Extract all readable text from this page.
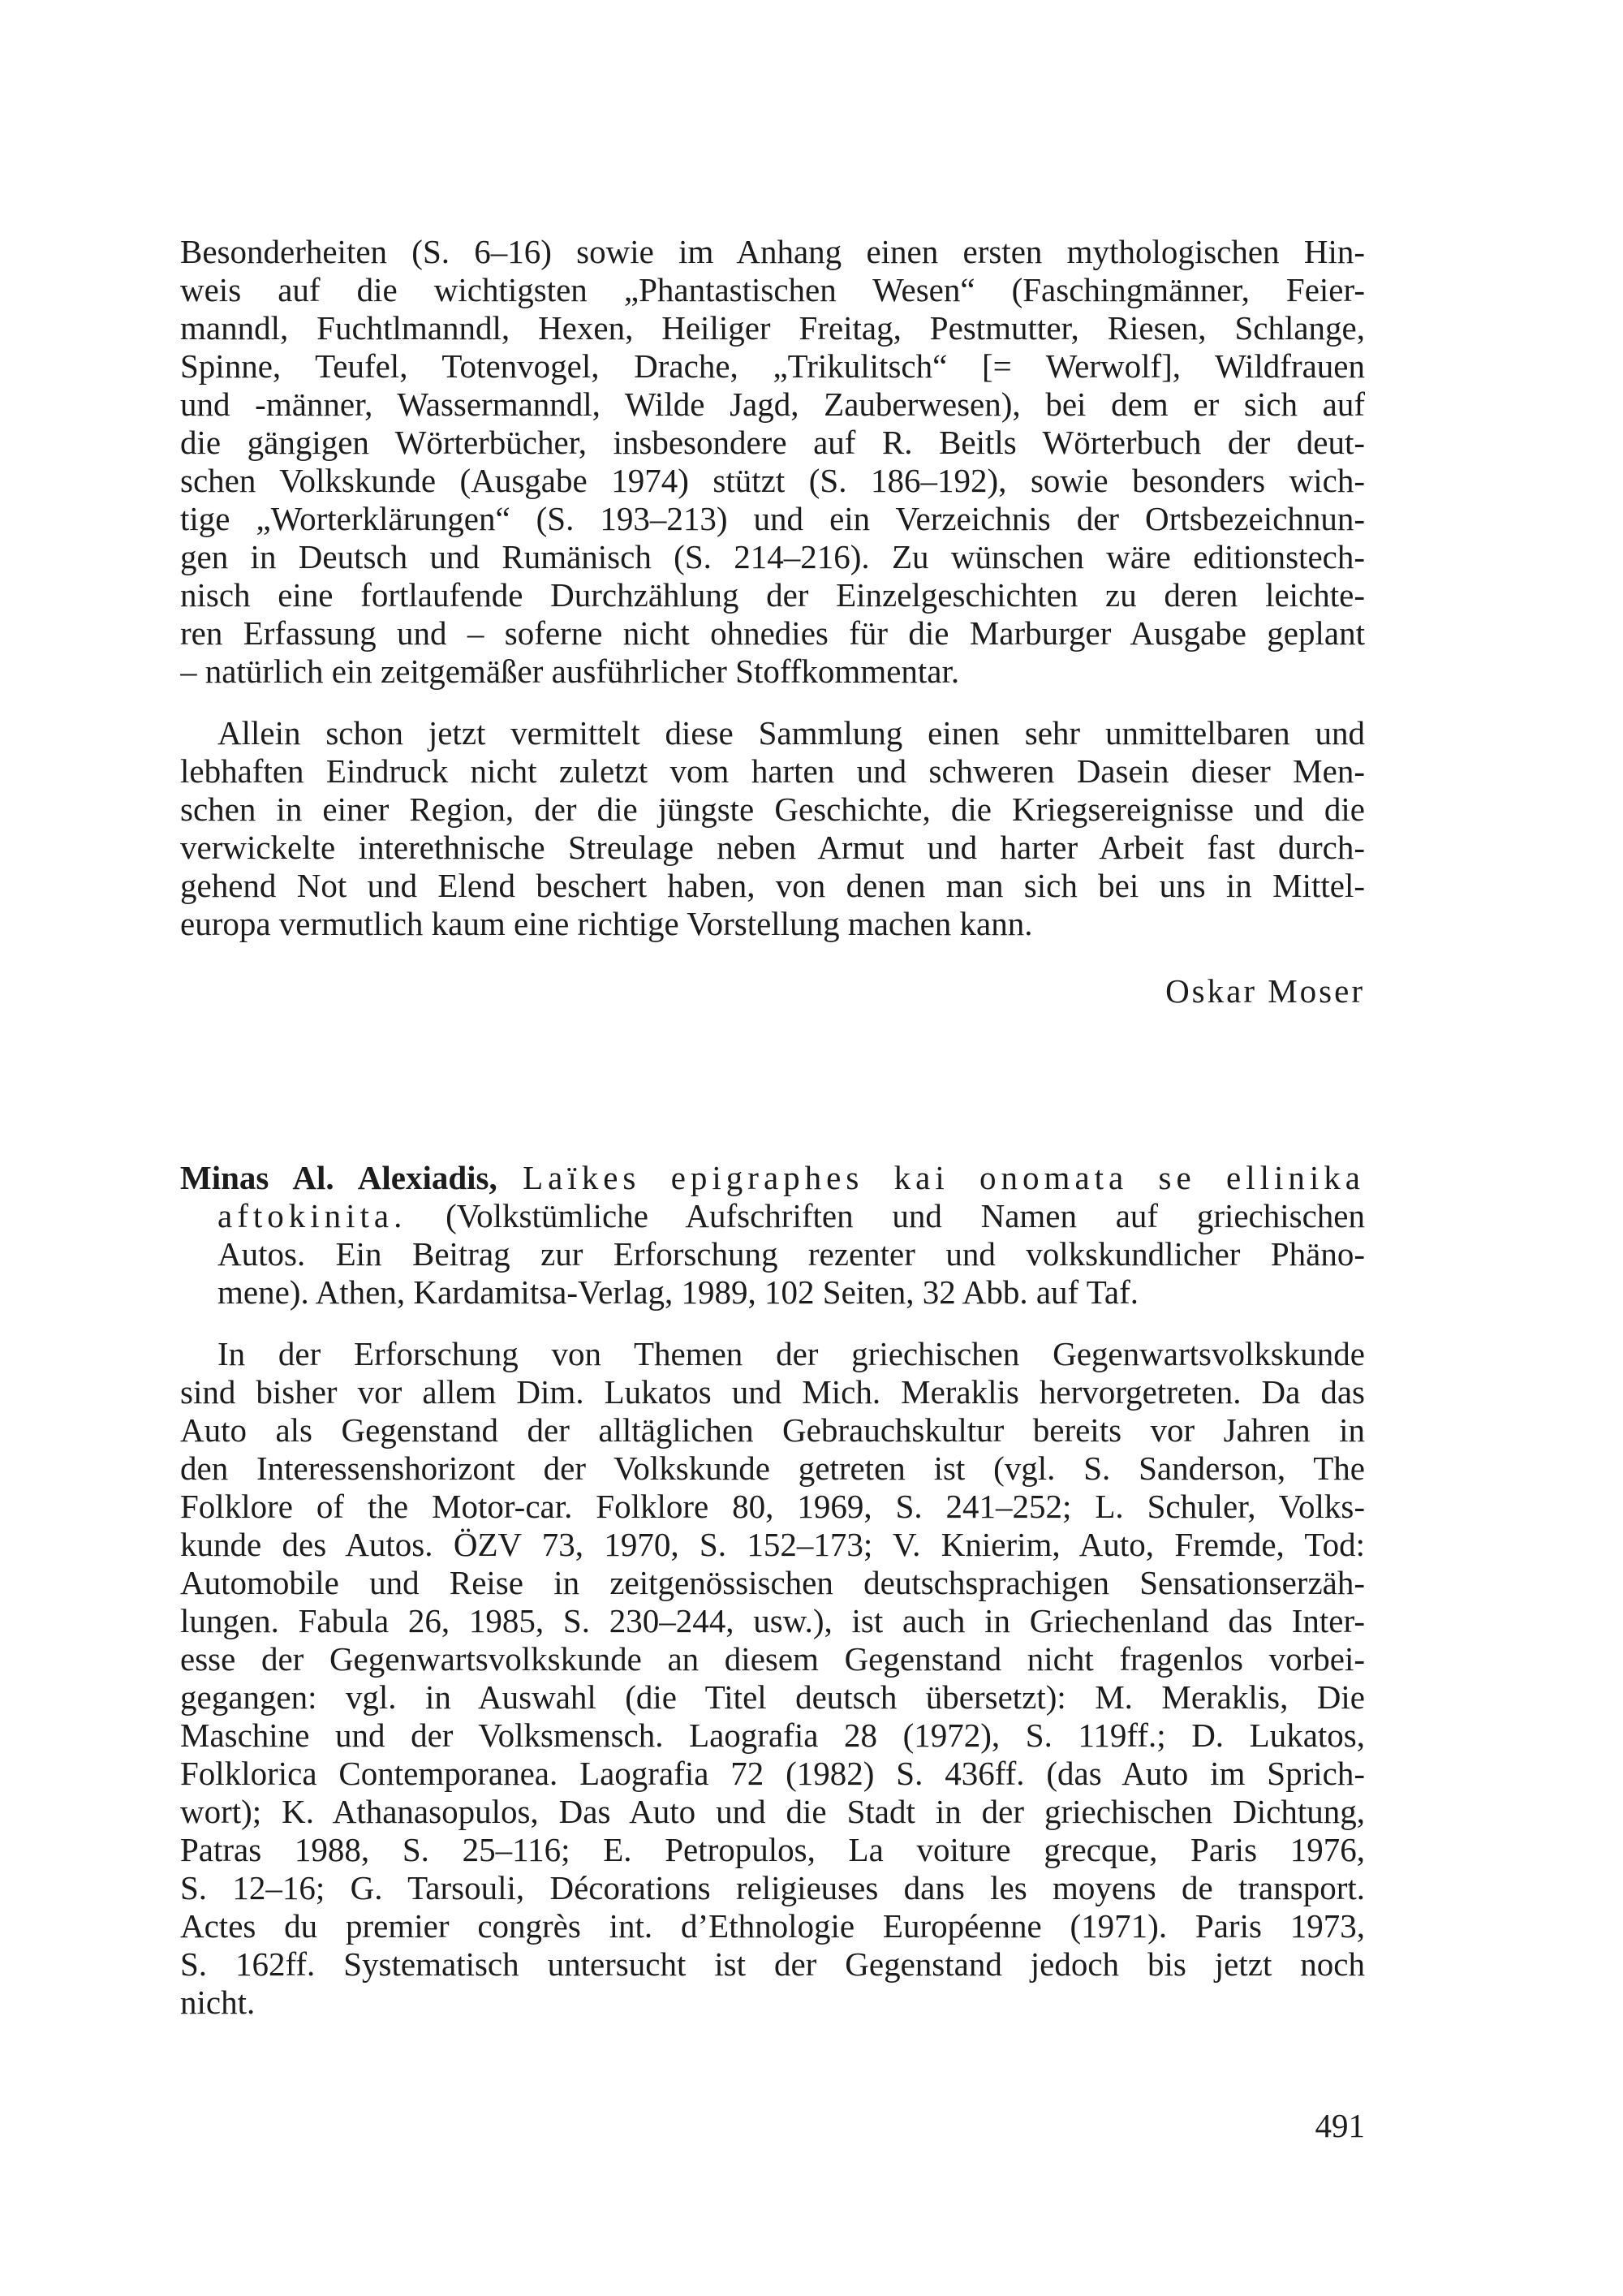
Besonderheiten (S. 6–16) sowie im Anhang einen ersten mythologischen Hin-
weis auf die wichtigsten „Phantastischen Wesen“ (Faschingmänner, Feier-
manndl, Fuchtlmanndl, Hexen, Heiliger Freitag, Pestmutter, Riesen, Schlange,
Spinne, Teufel, Totenvogel, Drache, „Trikulitsch“ [= Werwolf], Wildfrauen
und -männer, Wassermanndl, Wilde Jagd, Zauberwesen), bei dem er sich auf
die gängigen Wörterbücher, insbesondere auf R. Beitls Wörterbuch der deut-
schen Volkskunde (Ausgabe 1974) stützt (S. 186–192), sowie besonders wich-
tige „Worterklärungen“ (S. 193–213) und ein Verzeichnis der Ortsbezeichnun-
gen in Deutsch und Rumänisch (S. 214–216). Zu wünschen wäre editionstech-
nisch eine fortlaufende Durchzählung der Einzelgeschichten zu deren leichte-
ren Erfassung und – soferne nicht ohnedies für die Marburger Ausgabe geplant
– natürlich ein zeitgemäßer ausführlicher Stoffkommentar.
Allein schon jetzt vermittelt diese Sammlung einen sehr unmittelbaren und
lebhaften Eindruck nicht zuletzt vom harten und schweren Dasein dieser Men-
schen in einer Region, der die jüngste Geschichte, die Kriegsereignisse und die
verwickelte interethnische Streulage neben Armut und harter Arbeit fast durch-
gehend Not und Elend beschert haben, von denen man sich bei uns in Mittel-
europa vermutlich kaum eine richtige Vorstellung machen kann.
Oskar Moser
Minas Al. Alexiadis, Laïkes epigraphes kai onomata se ellinika
aftokinita. (Volkstümliche Aufschriften und Namen auf griechischen
Autos. Ein Beitrag zur Erforschung rezenter und volkskundlicher Phäno-
mene). Athen, Kardamitsa-Verlag, 1989, 102 Seiten, 32 Abb. auf Taf.
In der Erforschung von Themen der griechischen Gegenwartsvolkskunde
sind bisher vor allem Dim. Lukatos und Mich. Meraklis hervorgetreten. Da das
Auto als Gegenstand der alltäglichen Gebrauchskultur bereits vor Jahren in
den Interessenshorizont der Volkskunde getreten ist (vgl. S. Sanderson, The
Folklore of the Motor-car. Folklore 80, 1969, S. 241–252; L. Schuler, Volks-
kunde des Autos. ÖZV 73, 1970, S. 152–173; V. Knierim, Auto, Fremde, Tod:
Automobile und Reise in zeitgenössischen deutschsprachigen Sensationserzäh-
lungen. Fabula 26, 1985, S. 230–244, usw.), ist auch in Griechenland das Inter-
esse der Gegenwartsvolkskunde an diesem Gegenstand nicht fragenlos vorbei-
gegangen: vgl. in Auswahl (die Titel deutsch übersetzt): M. Meraklis, Die
Maschine und der Volksmensch. Laografia 28 (1972), S. 119ff.; D. Lukatos,
Folklorica Contemporanea. Laografia 72 (1982) S. 436ff. (das Auto im Sprich-
wort); K. Athanasopulos, Das Auto und die Stadt in der griechischen Dichtung,
Patras 1988, S. 25–116; E. Petropulos, La voiture grecque, Paris 1976,
S. 12–16; G. Tarsouli, Décorations religieuses dans les moyens de transport.
Actes du premier congrès int. d’Ethnologie Européenne (1971). Paris 1973,
S. 162ff. Systematisch untersucht ist der Gegenstand jedoch bis jetzt noch
nicht.
491
